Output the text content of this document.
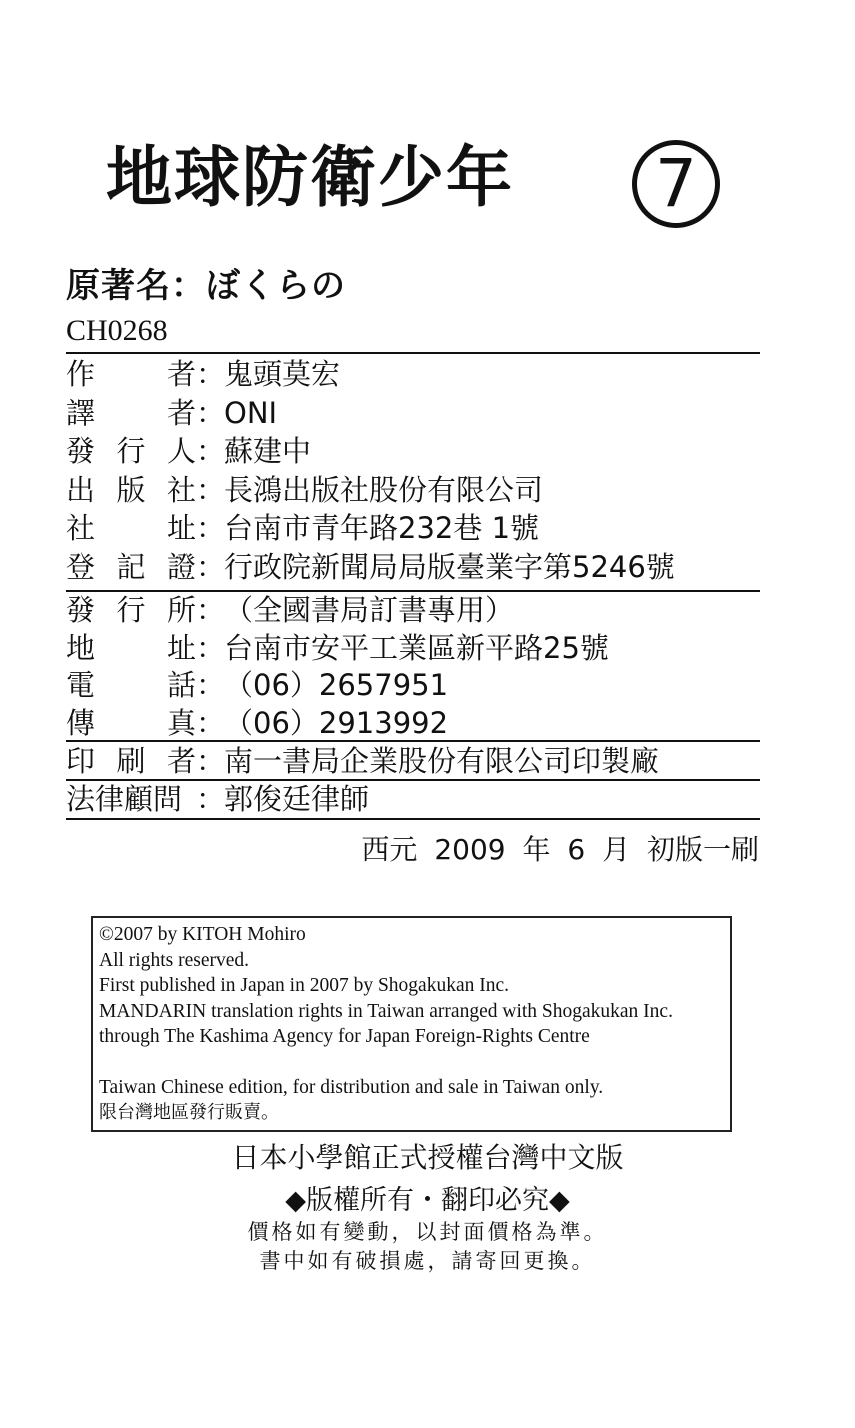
地球防衛少年	7
原著名：ぼくらの
CH0268
作 者 ：
鬼頭莫宏
譯 者 ：
ONI
發 行 人 ：
蘇建中
出 版 社 ：
長鴻出版社股份有限公司
社 址 ：
台南市青年路232巷 1號
登 記 證 ：
行政院新聞局局版臺業字第5246號
發 行 所 ：
（全國書局訂書專用）
地 址 ：
台南市安平工業區新平路25號
電 話 ：
（06）2657951
傳 真 ：
（06）2913992
印 刷 者 ：
南一書局企業股份有限公司印製廠
法律顧問 ：
郭俊廷律師
西元 2009 年 6 月 初版一刷
©2007 by KITOH Mohiro
All rights reserved.
First published in Japan in 2007 by Shogakukan Inc.
MANDARIN translation rights in Taiwan arranged with Shogakukan Inc.
through The Kashima Agency for Japan Foreign-Rights Centre
Taiwan Chinese edition, for distribution and sale in Taiwan only.
限台灣地區發行販賣。
日本小學館正式授權台灣中文版
◆版權所有・翻印必究◆
價格如有變動，以封面價格為準。
書中如有破損處，請寄回更換。
